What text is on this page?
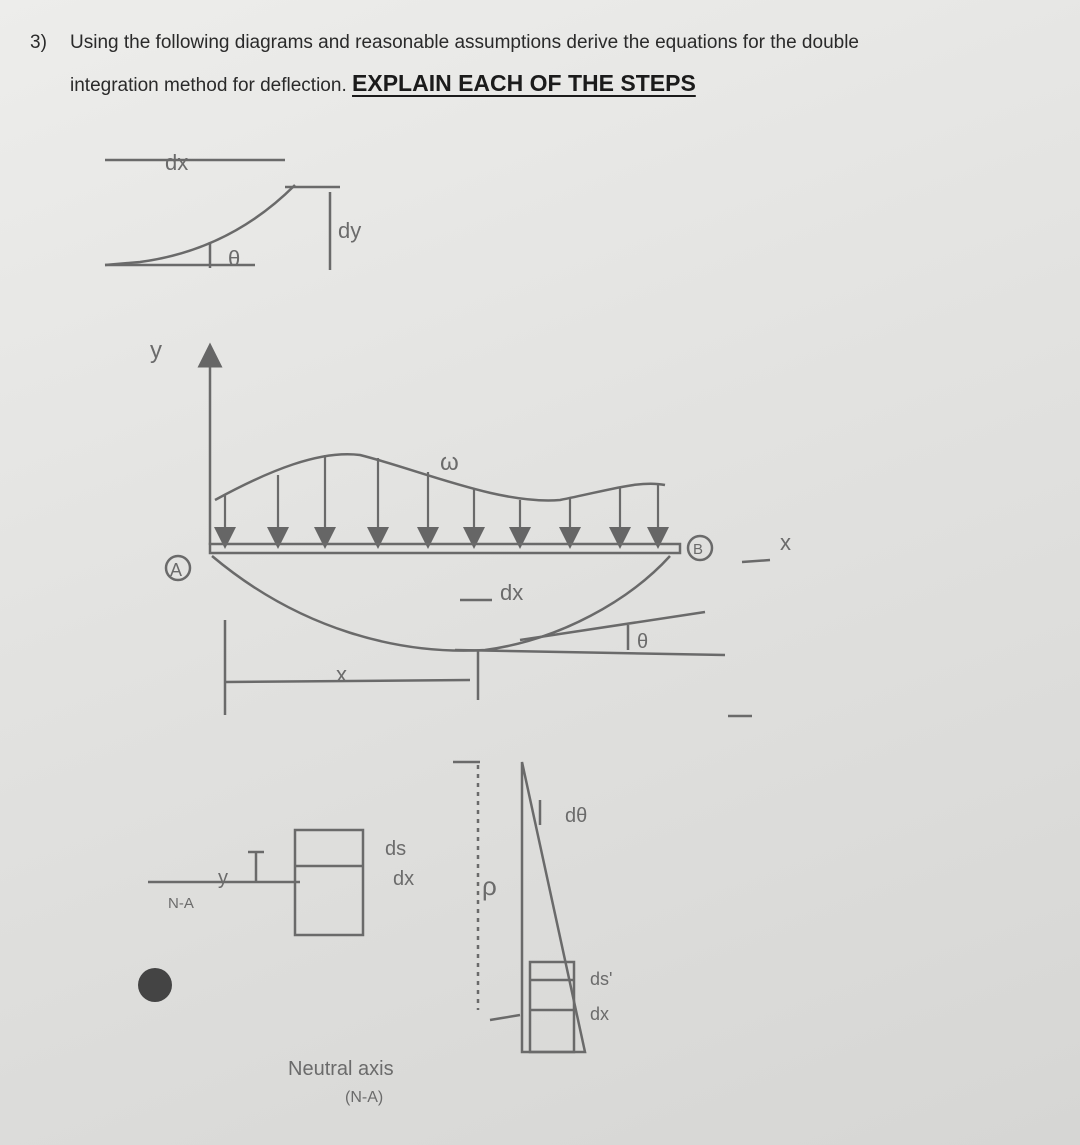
3) Using the following diagrams and reasonable assumptions derive the equations for the double
integration method for deflection. EXPLAIN EACH OF THE STEPS
dx
dy
θ
y
ω
A
B	x
dx
x
θ
y
N-A
ds
dx	ρ
dθ
ds'
dx
Neutral axis
(N-A)
